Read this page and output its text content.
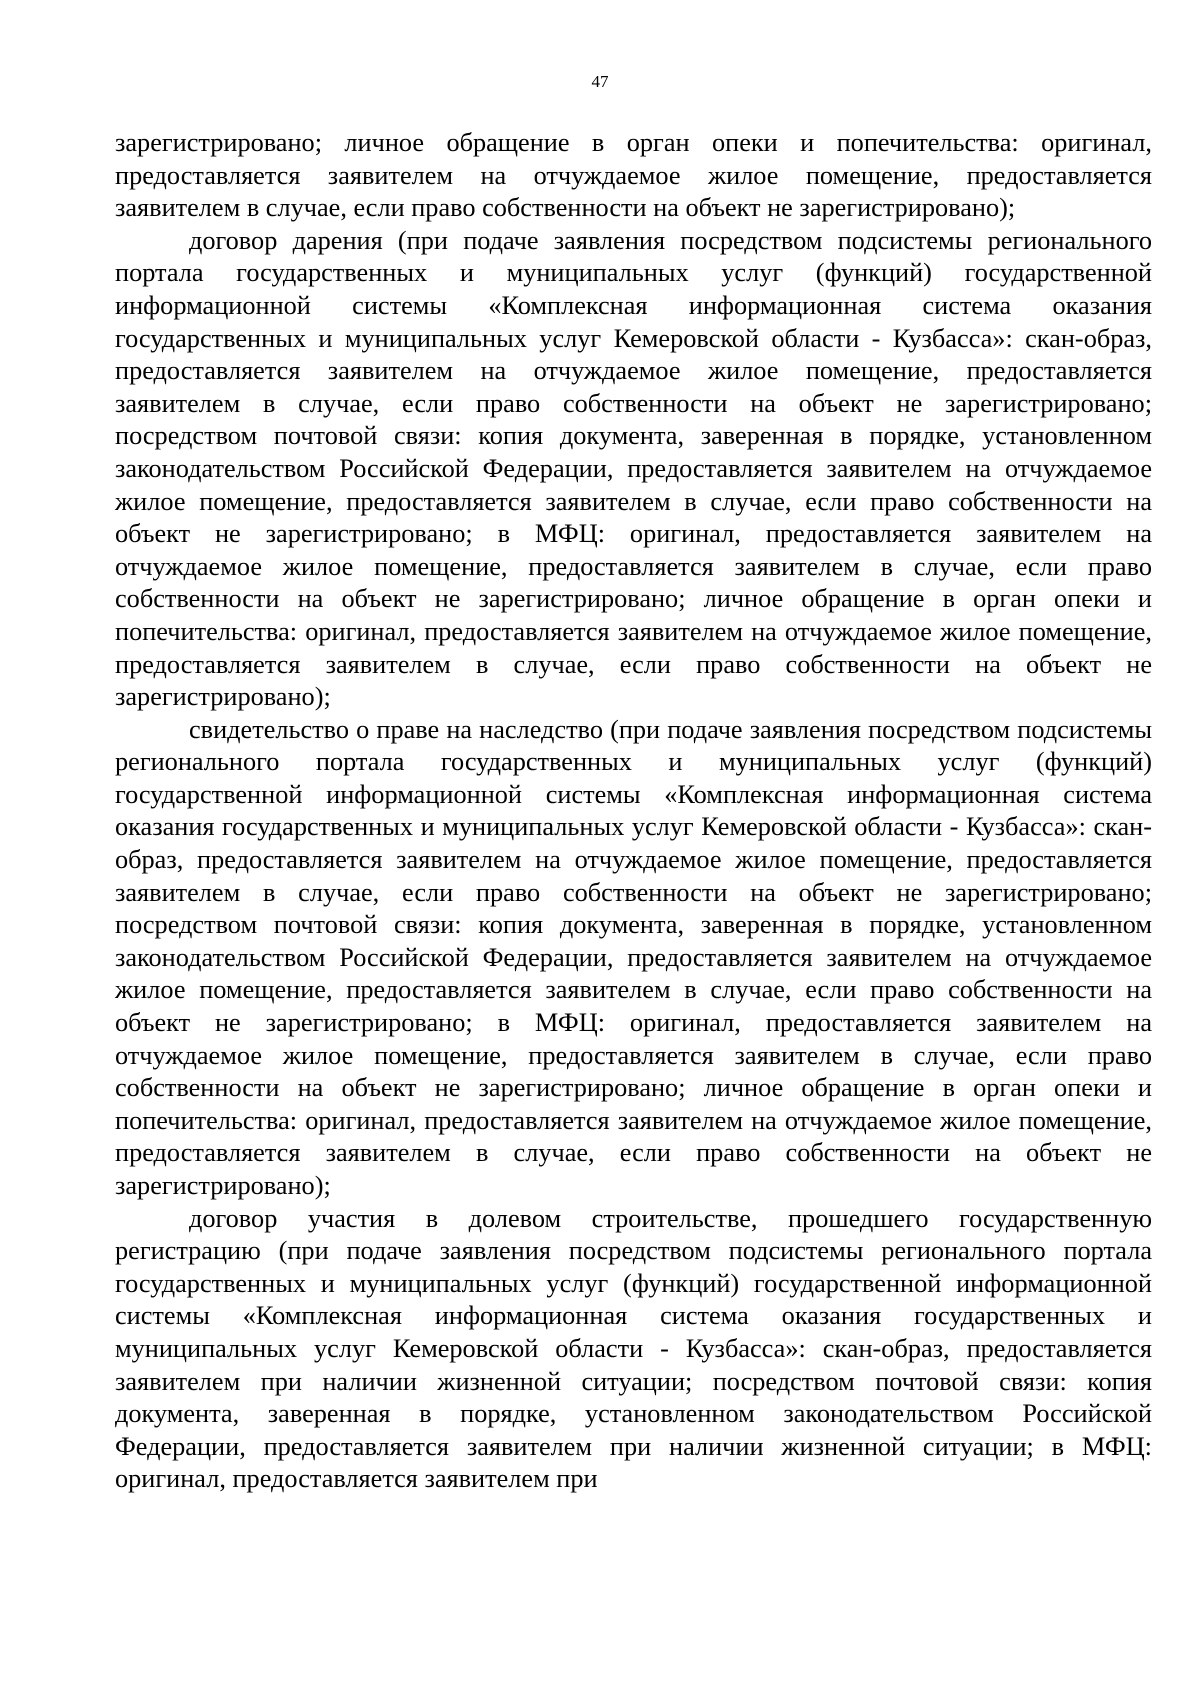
47

зарегистрировано; личное обращение в орган опеки и попечительства: оригинал, предоставляется заявителем на отчуждаемое жилое помещение, предоставляется заявителем в случае, если право собственности на объект не зарегистрировано);

договор дарения (при подаче заявления посредством подсистемы регионального портала государственных и муниципальных услуг (функций) государственной информационной системы «Комплексная информационная система оказания государственных и муниципальных услуг Кемеровской области - Кузбасса»: скан-образ, предоставляется заявителем на отчуждаемое жилое помещение, предоставляется заявителем в случае, если право собственности на объект не зарегистрировано; посредством почтовой связи: копия документа, заверенная в порядке, установленном законодательством Российской Федерации, предоставляется заявителем на отчуждаемое жилое помещение, предоставляется заявителем в случае, если право собственности на объект не зарегистрировано; в МФЦ: оригинал, предоставляется заявителем на отчуждаемое жилое помещение, предоставляется заявителем в случае, если право собственности на объект не зарегистрировано; личное обращение в орган опеки и попечительства: оригинал, предоставляется заявителем на отчуждаемое жилое помещение, предоставляется заявителем в случае, если право собственности на объект не зарегистрировано);

свидетельство о праве на наследство (при подаче заявления посредством подсистемы регионального портала государственных и муниципальных услуг (функций) государственной информационной системы «Комплексная информационная система оказания государственных и муниципальных услуг Кемеровской области - Кузбасса»: скан-образ, предоставляется заявителем на отчуждаемое жилое помещение, предоставляется заявителем в случае, если право собственности на объект не зарегистрировано; посредством почтовой связи: копия документа, заверенная в порядке, установленном законодательством Российской Федерации, предоставляется заявителем на отчуждаемое жилое помещение, предоставляется заявителем в случае, если право собственности на объект не зарегистрировано; в МФЦ: оригинал, предоставляется заявителем на отчуждаемое жилое помещение, предоставляется заявителем в случае, если право собственности на объект не зарегистрировано; личное обращение в орган опеки и попечительства: оригинал, предоставляется заявителем на отчуждаемое жилое помещение, предоставляется заявителем в случае, если право собственности на объект не зарегистрировано);

договор участия в долевом строительстве, прошедшего государственную регистрацию (при подаче заявления посредством подсистемы регионального портала государственных и муниципальных услуг (функций) государственной информационной системы «Комплексная информационная система оказания государственных и муниципальных услуг Кемеровской области - Кузбасса»: скан-образ, предоставляется заявителем при наличии жизненной ситуации; посредством почтовой связи: копия документа, заверенная в порядке, установленном законодательством Российской Федерации, предоставляется заявителем при наличии жизненной ситуации; в МФЦ: оригинал, предоставляется заявителем при
